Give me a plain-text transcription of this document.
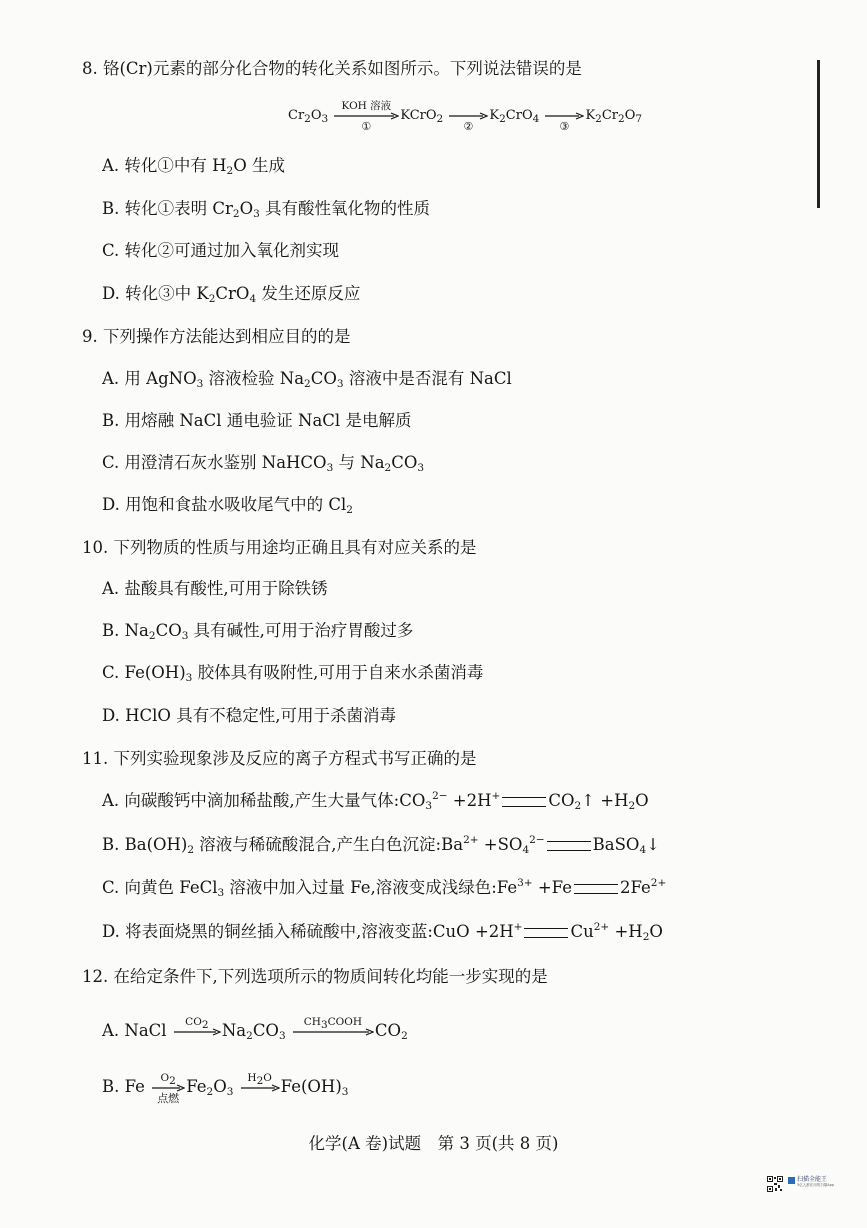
8. 铬(Cr)元素的部分化合物的转化关系如图所示。下列说法错误的是
$Cr_2O_3$
KOH 溶液
①
KCrO$_2$
②
$K_2CrO_4$
③
$K_2Cr_2O_7$
A. 转化①中有 $H_2O$ 生成
B. 转化①表明 $Cr_2O_3$ 具有酸性氧化物的性质
C. 转化②可通过加入氧化剂实现
D. 转化③中 $K_2CrO_4$ 发生还原反应
9. 下列操作方法能达到相应目的的是
A. 用 AgNO$_3$ 溶液检验 $Na_2CO_3$ 溶液中是否混有 NaCl
B. 用熔融 NaCl 通电验证 NaCl 是电解质
C. 用澄清石灰水鉴别 NaHCO$_3$ 与 $Na_2CO_3$
D. 用饱和食盐水吸收尾气中的 $Cl_2$
10. 下列物质的性质与用途均正确且具有对应关系的是
A. 盐酸具有酸性,可用于除铁锈
B. $Na_2CO_3$ 具有碱性,可用于治疗胃酸过多
C. $Fe(OH)_3$ 胶体具有吸附性,可用于自来水杀菌消毒
D. HClO 具有不稳定性,可用于杀菌消毒
11. 下列实验现象涉及反应的离子方程式书写正确的是
A. 向碳酸钙中滴加稀盐酸,产生大量气体$:CO_3^{2-} +2H^+$	$CO_2↑ +H_2O$
B. $Ba(OH)_2$ 溶液与稀硫酸混合,产生白色沉淀$:Ba^{2+} +SO_4^{2-}$	BaSO$_4$↓
C. 向黄色 FeCl$_3$ 溶液中加入过量 Fe,溶液变成浅绿色$:Fe^{3+} +Fe$	$2Fe^{2+}$
D. 将表面烧黑的铜丝插入稀硫酸中,溶液变蓝:CuO +2H+	$Cu^{2+} +H_2O$
12. 在给定条件下,下列选项所示的物质间转化均能一步实现的是
A. NaCl	$CO_2$ $Na_2CO_3$
$CH_3COOH$ $CO_2$
B. Fe	$O_2$
点燃
$Fe_2O_3$
$H_2O$ $Fe(OH)_3$
化学(A 卷)试题　第 3 页(共 8 页)
扫描全能王
3亿人都在用的扫描App
